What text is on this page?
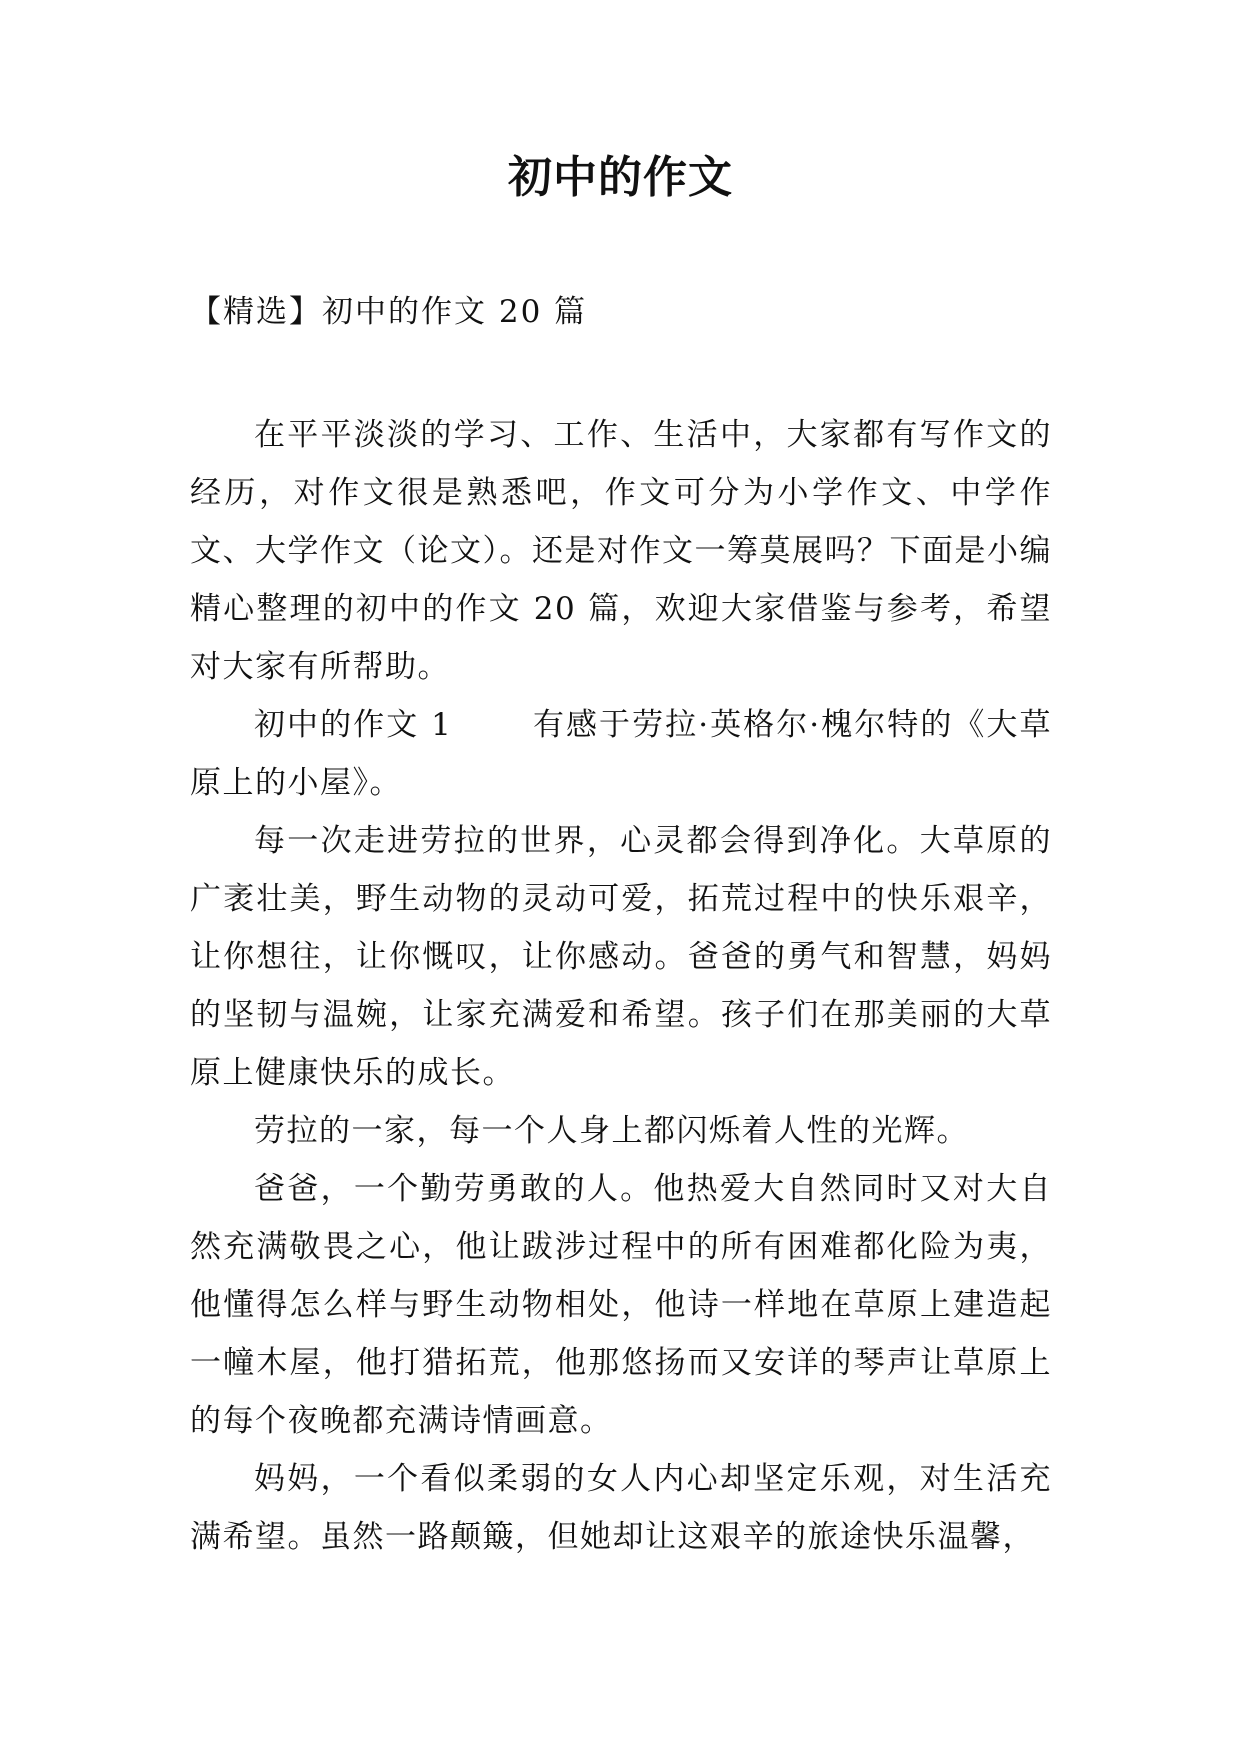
初中的作文
【精选】初中的作文 20 篇

在平平淡淡的学习、工作、生活中，大家都有写作文的经历，对作文很是熟悉吧，作文可分为小学作文、中学作文、大学作文（论文）。还是对作文一筹莫展吗？下面是小编精心整理的初中的作文 20 篇，欢迎大家借鉴与参考，希望对大家有所帮助。

初中的作文 1	有感于劳拉·英格尔·槐尔特的《大草原上的小屋》。

每一次走进劳拉的世界，心灵都会得到净化。大草原的广袤壮美，野生动物的灵动可爱，拓荒过程中的快乐艰辛，让你想往，让你慨叹，让你感动。爸爸的勇气和智慧，妈妈的坚韧与温婉，让家充满爱和希望。孩子们在那美丽的大草原上健康快乐的成长。

劳拉的一家，每一个人身上都闪烁着人性的光辉。

爸爸，一个勤劳勇敢的人。他热爱大自然同时又对大自然充满敬畏之心，他让跋涉过程中的所有困难都化险为夷，他懂得怎么样与野生动物相处，他诗一样地在草原上建造起一幢木屋，他打猎拓荒，他那悠扬而又安详的琴声让草原上的每个夜晚都充满诗情画意。

妈妈，一个看似柔弱的女人内心却坚定乐观，对生活充满希望。虽然一路颠簸，但她却让这艰辛的旅途快乐温馨，
